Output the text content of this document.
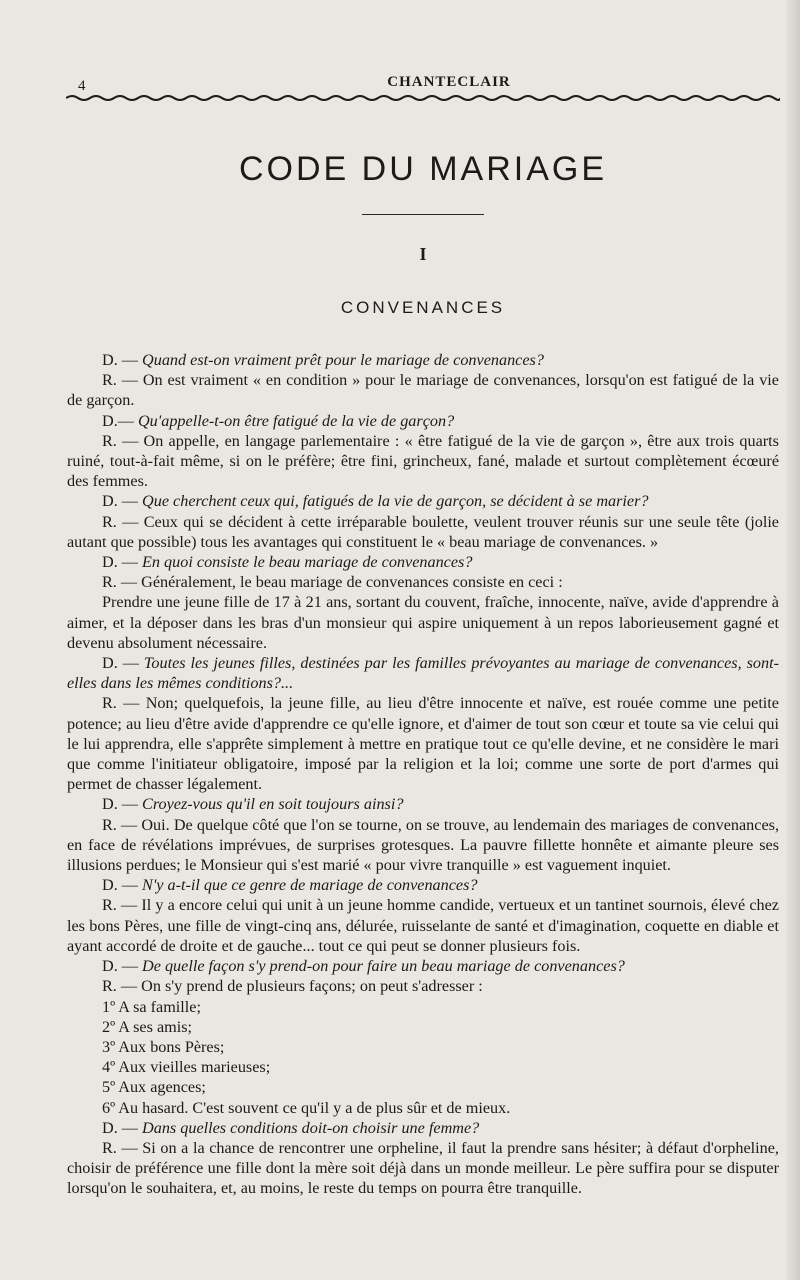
4	CHANTECLAIR
CODE DU MARIAGE
I
CONVENANCES

D. — Quand est-on vraiment prêt pour le mariage de convenances?

R. — On est vraiment « en condition » pour le mariage de convenances, lorsqu'on est fatigué de la vie de garçon.

D.— Qu'appelle-t-on être fatigué de la vie de garçon?

R. — On appelle, en langage parlementaire : « être fatigué de la vie de garçon », être aux trois quarts ruiné, tout-à-fait même, si on le préfère; être fini, grincheux, fané, malade et surtout complètement écœuré des femmes.

D. — Que cherchent ceux qui, fatigués de la vie de garçon, se décident à se marier?

R. — Ceux qui se décident à cette irréparable boulette, veulent trouver réunis sur une seule tête (jolie autant que possible) tous les avantages qui constituent le « beau mariage de convenances. »

D. — En quoi consiste le beau mariage de convenances?

R. — Généralement, le beau mariage de convenances consiste en ceci :

Prendre une jeune fille de 17 à 21 ans, sortant du couvent, fraîche, innocente, naïve, avide d'apprendre à aimer, et la déposer dans les bras d'un monsieur qui aspire uniquement à un repos laborieusement gagné et devenu absolument nécessaire.

D. — Toutes les jeunes filles, destinées par les familles prévoyantes au mariage de convenances, sont-elles dans les mêmes conditions?...

R. — Non; quelquefois, la jeune fille, au lieu d'être innocente et naïve, est rouée comme une petite potence; au lieu d'être avide d'apprendre ce qu'elle ignore, et d'aimer de tout son cœur et toute sa vie celui qui le lui apprendra, elle s'apprête simplement à mettre en pratique tout ce qu'elle devine, et ne considère le mari que comme l'initiateur obligatoire, imposé par la religion et la loi; comme une sorte de port d'armes qui permet de chasser légalement.

D. — Croyez-vous qu'il en soit toujours ainsi?

R. — Oui. De quelque côté que l'on se tourne, on se trouve, au lendemain des mariages de convenances, en face de révélations imprévues, de surprises grotesques. La pauvre fillette honnête et aimante pleure ses illusions perdues; le Monsieur qui s'est marié « pour vivre tranquille » est vaguement inquiet.

D. — N'y a-t-il que ce genre de mariage de convenances?

R. — Il y a encore celui qui unit à un jeune homme candide, vertueux et un tantinet sournois, élevé chez les bons Pères, une fille de vingt-cinq ans, délurée, ruisselante de santé et d'imagination, coquette en diable et ayant accordé de droite et de gauche... tout ce qui peut se donner plusieurs fois.

D. — De quelle façon s'y prend-on pour faire un beau mariage de convenances?

R. — On s'y prend de plusieurs façons; on peut s'adresser :

1º A sa famille;

2º A ses amis;

3º Aux bons Pères;

4º Aux vieilles marieuses;

5º Aux agences;

6º Au hasard. C'est souvent ce qu'il y a de plus sûr et de mieux.

D. — Dans quelles conditions doit-on choisir une femme?

R. — Si on a la chance de rencontrer une orpheline, il faut la prendre sans hésiter; à défaut d'orpheline, choisir de préférence une fille dont la mère soit déjà dans un monde meilleur. Le père suffira pour se disputer lorsqu'on le souhaitera, et, au moins, le reste du temps on pourra être tranquille.
